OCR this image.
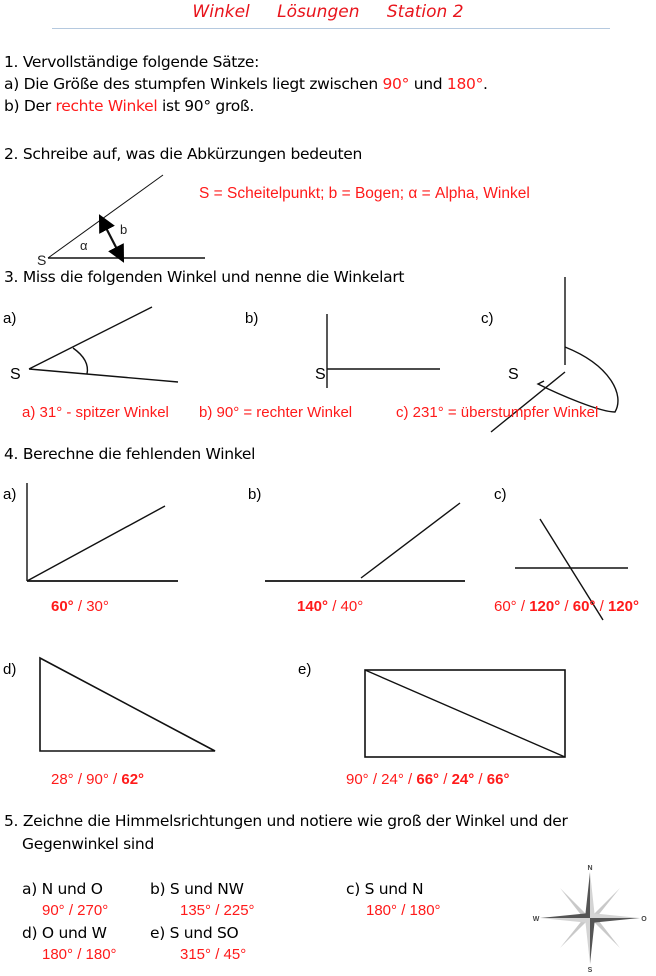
Winkel Lösungen Station 2
1. Vervollständige folgende Sätze:
a) Die Größe des stumpfen Winkels liegt zwischen 90° und 180°.
b) Der rechte Winkel ist 90° groß.
2. Schreibe auf, was die Abkürzungen bedeuten
S = Scheitelpunkt; b = Bogen; α = Alpha, Winkel
S
b
α
3. Miss die folgenden Winkel und nenne die Winkelart
a)	b)	c)
S	S	S
a) 31° - spitzer Winkel b) 90° = rechter Winkel	c) 231° = überstumpfer Winkel
4. Berechne die fehlenden Winkel
a)	b)	c)
d)	e)
60° / 30°	140° / 40°	60° / 120° / 60° / 120°
28° / 90° / 62°	90° / 24° / 66° / 24° / 66°
5. Zeichne die Himmelsrichtungen und notiere wie groß der Winkel und der
Gegenwinkel sind
a) N und O
90° / 270°
b) S und NW
135° / 225°
c) S und N
180° / 180°
d) O und W
180° / 180°
e) S und SO
315° / 45°
N
S
W	O
